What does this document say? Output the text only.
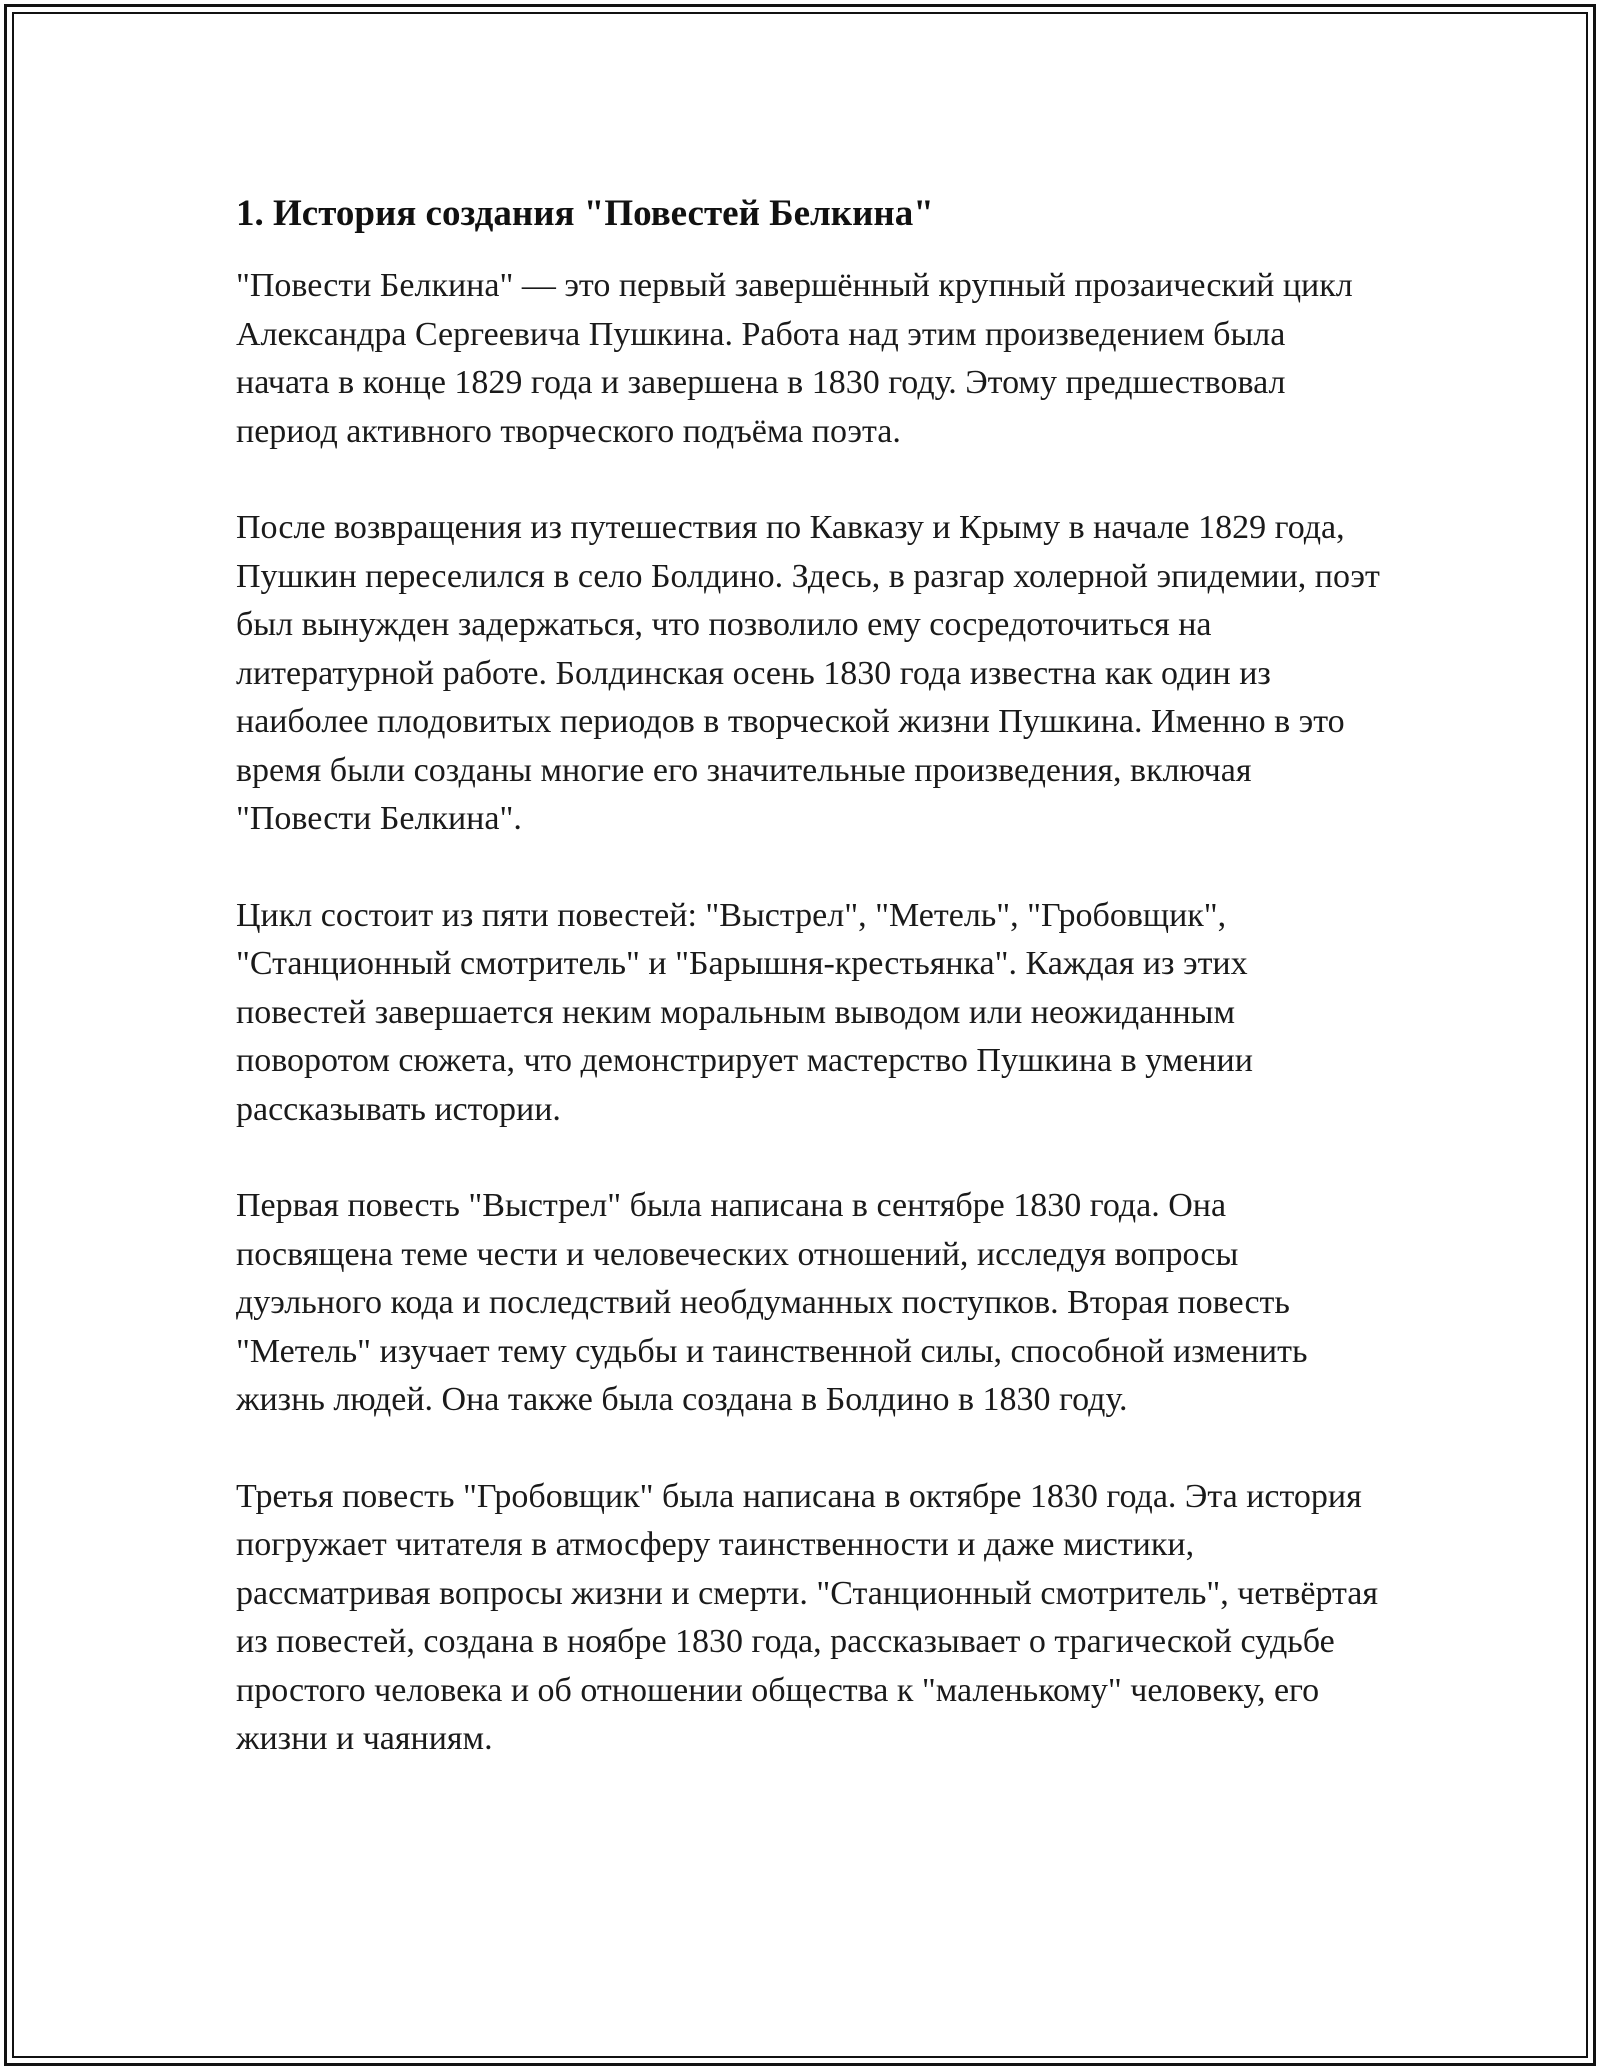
1. История создания "Повестей Белкина"

"Повести Белкина" — это первый завершённый крупный прозаический цикл Александра Сергеевича Пушкина. Работа над этим произведением была начата в конце 1829 года и завершена в 1830 году. Этому предшествовал период активного творческого подъёма поэта.

После возвращения из путешествия по Кавказу и Крыму в начале 1829 года, Пушкин переселился в село Болдино. Здесь, в разгар холерной эпидемии, поэт был вынужден задержаться, что позволило ему сосредоточиться на литературной работе. Болдинская осень 1830 года известна как один из наиболее плодовитых периодов в творческой жизни Пушкина. Именно в это время были созданы многие его значительные произведения, включая "Повести Белкина".

Цикл состоит из пяти повестей: "Выстрел", "Метель", "Гробовщик", "Станционный смотритель" и "Барышня-крестьянка". Каждая из этих повестей завершается неким моральным выводом или неожиданным поворотом сюжета, что демонстрирует мастерство Пушкина в умении рассказывать истории.

Первая повесть "Выстрел" была написана в сентябре 1830 года. Она посвящена теме чести и человеческих отношений, исследуя вопросы дуэльного кода и последствий необдуманных поступков. Вторая повесть "Метель" изучает тему судьбы и таинственной силы, способной изменить жизнь людей. Она также была создана в Болдино в 1830 году.

Третья повесть "Гробовщик" была написана в октябре 1830 года. Эта история погружает читателя в атмосферу таинственности и даже мистики, рассматривая вопросы жизни и смерти. "Станционный смотритель", четвёртая из повестей, создана в ноябре 1830 года, рассказывает о трагической судьбе простого человека и об отношении общества к "маленькому" человеку, его жизни и чаяниям.
